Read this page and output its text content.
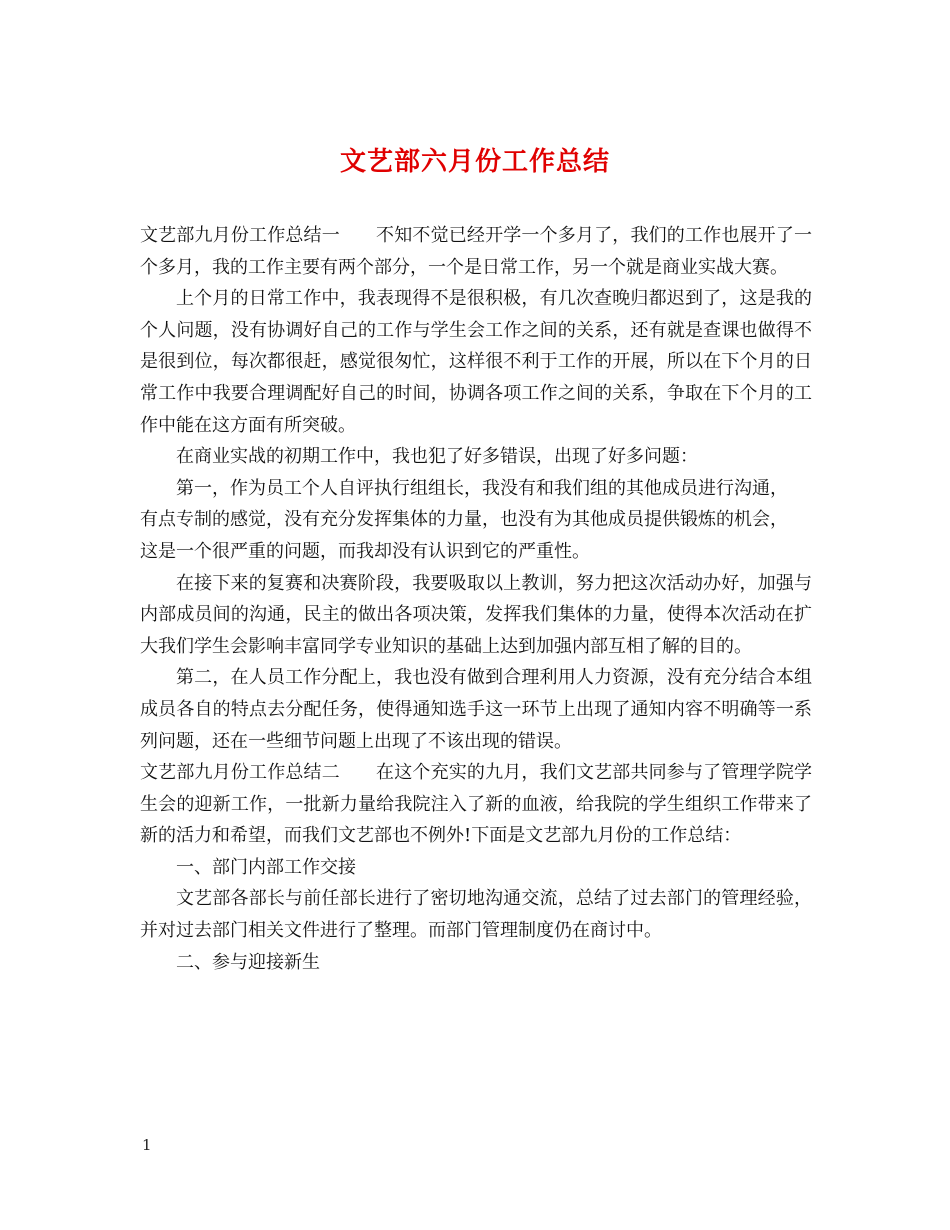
文艺部六月份工作总结

文艺部九月份工作总结一 不知不觉已经开学一个多月了，我们的工作也展开了一个多月，我的工作主要有两个部分，一个是日常工作，另一个就是商业实战大赛。

上个月的日常工作中，我表现得不是很积极，有几次查晚归都迟到了，这是我的个人问题，没有协调好自己的工作与学生会工作之间的关系，还有就是查课也做得不是很到位，每次都很赶，感觉很匆忙，这样很不利于工作的开展，所以在下个月的日常工作中我要合理调配好自己的时间，协调各项工作之间的关系，争取在下个月的工作中能在这方面有所突破。

在商业实战的初期工作中，我也犯了好多错误，出现了好多问题：

第一，作为员工个人自评执行组组长，我没有和我们组的其他成员进行沟通，

有点专制的感觉，没有充分发挥集体的力量，也没有为其他成员提供锻炼的机会，

这是一个很严重的问题，而我却没有认识到它的严重性。

在接下来的复赛和决赛阶段，我要吸取以上教训，努力把这次活动办好，加强与内部成员间的沟通，民主的做出各项决策，发挥我们集体的力量，使得本次活动在扩大我们学生会影响丰富同学专业知识的基础上达到加强内部互相了解的目的。

第二，在人员工作分配上，我也没有做到合理利用人力资源，没有充分结合本组成员各自的特点去分配任务，使得通知选手这一环节上出现了通知内容不明确等一系列问题，还在一些细节问题上出现了不该出现的错误。

文艺部九月份工作总结二 在这个充实的九月，我们文艺部共同参与了管理学院学生会的迎新工作，一批新力量给我院注入了新的血液，给我院的学生组织工作带来了新的活力和希望，而我们文艺部也不例外!下面是文艺部九月份的工作总结：

一、部门内部工作交接

文艺部各部长与前任部长进行了密切地沟通交流，总结了过去部门的管理经验，并对过去部门相关文件进行了整理。而部门管理制度仍在商讨中。

二、参与迎接新生

1
